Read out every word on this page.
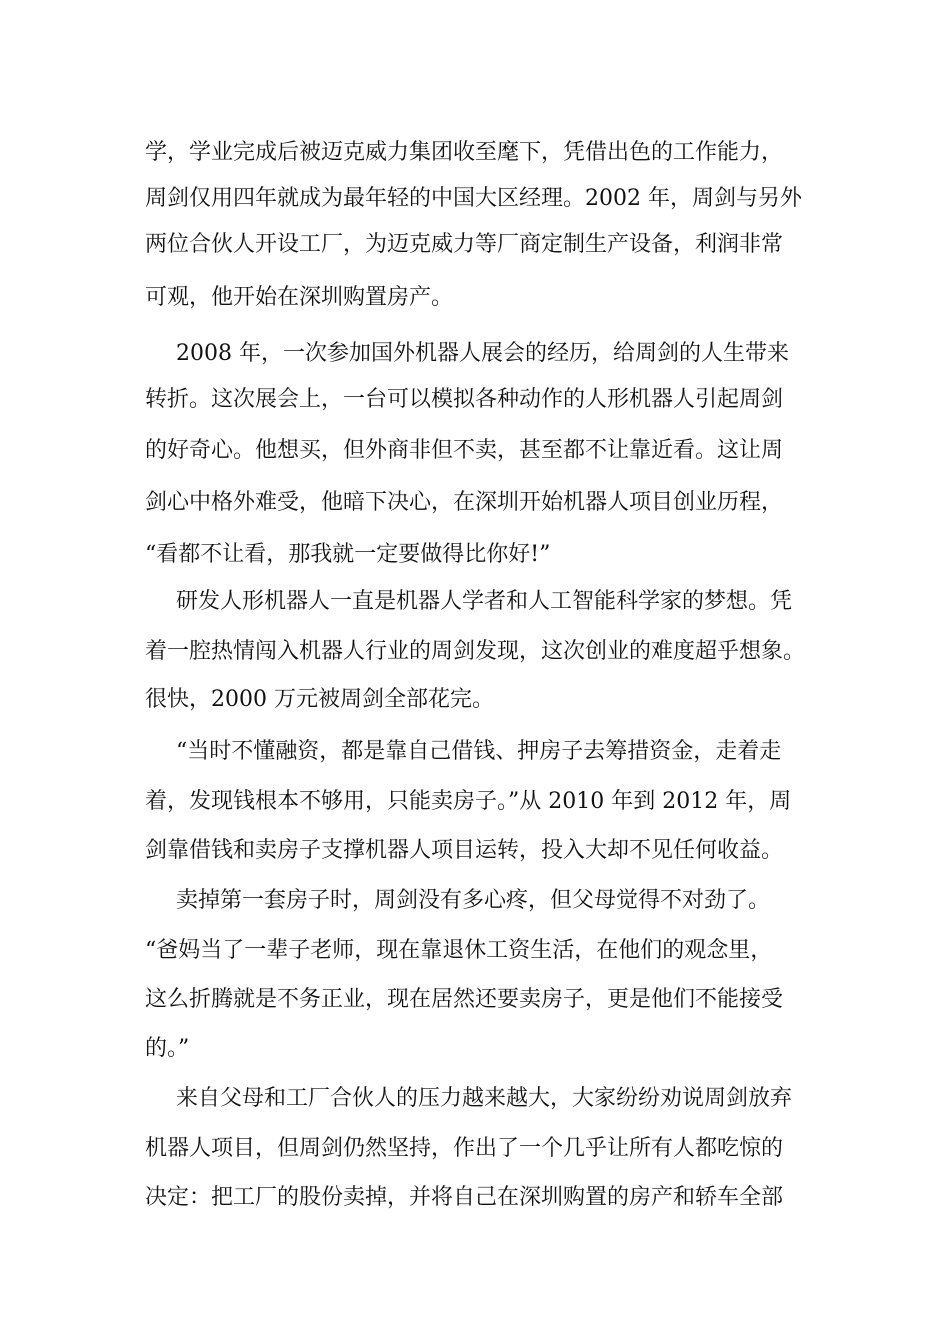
学，学业完成后被迈克威力集团收至麾下，凭借出色的工作能力，

周剑仅用四年就成为最年轻的中国大区经理。2002 年，周剑与另外

两位合伙人开设工厂，为迈克威力等厂商定制生产设备，利润非常

可观，他开始在深圳购置房产。

2008 年，一次参加国外机器人展会的经历，给周剑的人生带来

转折。这次展会上，一台可以模拟各种动作的人形机器人引起周剑

的好奇心。他想买，但外商非但不卖，甚至都不让靠近看。这让周

剑心中格外难受，他暗下决心，在深圳开始机器人项目创业历程，

“看都不让看，那我就一定要做得比你好!”

研发人形机器人一直是机器人学者和人工智能科学家的梦想。凭

着一腔热情闯入机器人行业的周剑发现，这次创业的难度超乎想象。

很快，2000 万元被周剑全部花完。

“当时不懂融资，都是靠自己借钱、押房子去筹措资金，走着走

着，发现钱根本不够用，只能卖房子。”从 2010 年到 2012 年，周

剑靠借钱和卖房子支撑机器人项目运转，投入大却不见任何收益。

卖掉第一套房子时，周剑没有多心疼，但父母觉得不对劲了。

“爸妈当了一辈子老师，现在靠退休工资生活，在他们的观念里，

这么折腾就是不务正业，现在居然还要卖房子，更是他们不能接受

的。”

来自父母和工厂合伙人的压力越来越大，大家纷纷劝说周剑放弃

机器人项目，但周剑仍然坚持，作出了一个几乎让所有人都吃惊的

决定：把工厂的股份卖掉，并将自己在深圳购置的房产和轿车全部
